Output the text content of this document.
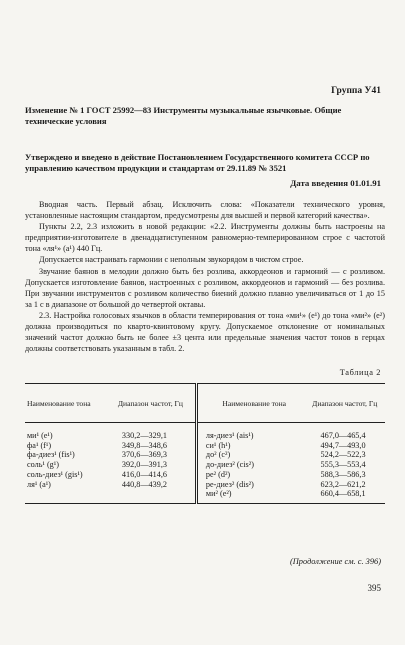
Группа У41
Изменение № 1 ГОСТ 25992—83 Инструменты музыкальные язычковые. Общие технические условия
Утверждено и введено в действие Постановлением Государственного комитета СССР по управлению качеством продукции и стандартам от 29.11.89 № 3521
Дата введения 01.01.91

Вводная часть. Первый абзац. Исключить слова: «Показатели технического уровня, установленные настоящим стандартом, предусмотрены для высшей и первой категорий качества».

Пункты 2.2, 2.3 изложить в новой редакции: «2.2. Инструменты должны быть настроены на предприятии-изготовителе в двенадцатиступенном равномерно-темперированном строе с частотой тона «ля¹» (a¹) 440 Гц.

Допускается настраивать гармонии с неполным звукорядом в чистом строе.

Звучание баянов в мелодии должно быть без розлива, аккордеонов и гармоний — с розливом. Допускается изготовление баянов, настроенных с розливом, аккордеонов и гармоний — без розлива. При звучании инструментов с розливом количество биений должно плавно увеличиваться от 1 до 15 за 1 с в диапазоне от большой до четвертой октавы.

2.3. Настройка голосовых язычков в области темперирования от тона «ми¹» (e¹) до тона «ми²» (e²) должна производиться по кварто-квинтовому кругу. Допускаемое отклонение от номинальных значений частот должно быть не более ±3 цента или предельные значения частот тонов в герцах должны соответствовать указанным в табл. 2.

Таблица 2
Наименование тона	Диапазон частот, Гц	Наименование тона	Диапазон частот, Гц
ми¹ (e¹)	330,2—329,1	ля-диез¹ (ais¹)	467,0—465,4
фа¹ (f¹)	349,8—348,6	си¹ (h¹)	494,7—493,0
фа-диез¹ (fis¹)	370,6—369,3	до² (c²)	524,2—522,3
соль¹ (g¹)	392,0—391,3	до-диез² (cis²)	555,3—553,4
соль-диез¹ (gis¹)	416,0—414,6	ре² (d²)	588,3—586,3
ля¹ (a¹)	440,8—439,2	ре-диез² (dis²)	623,2—621,2
		ми² (e²)	660,4—658,1

(Продолжение см. с. 396)
395
